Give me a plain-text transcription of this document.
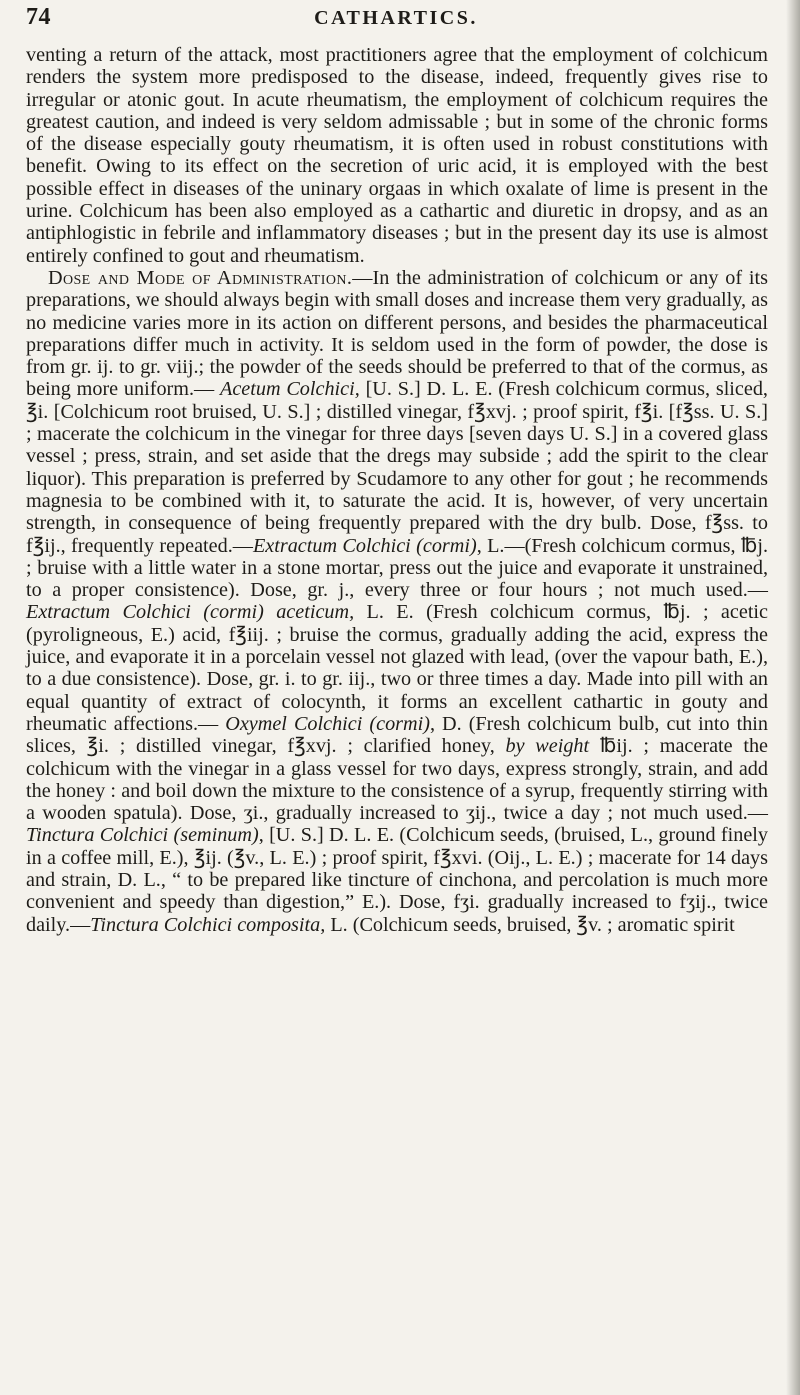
74	CATHARTICS.

venting a return of the attack, most practitioners agree that the employment of colchicum renders the system more predisposed to the disease, indeed, frequently gives rise to irregular or atonic gout. In acute rheumatism, the employment of colchicum requires the greatest caution, and indeed is very seldom admissable ; but in some of the chronic forms of the disease especially gouty rheumatism, it is often used in robust constitutions with benefit. Owing to its effect on the secretion of uric acid, it is employed with the best possible effect in diseases of the uninary orgaas in which oxalate of lime is present in the urine. Colchicum has been also employed as a cathartic and diuretic in dropsy, and as an antiphlogistic in febrile and inflammatory diseases ; but in the present day its use is almost entirely confined to gout and rheumatism.

Dose and Mode of Administration.—In the administration of colchicum or any of its preparations, we should always begin with small doses and increase them very gradually, as no medicine varies more in its action on different persons, and besides the pharmaceutical preparations differ much in activity. It is seldom used in the form of powder, the dose is from gr. ij. to gr. viij.; the powder of the seeds should be preferred to that of the cormus, as being more uniform.— Acetum Colchici, [U. S.] D. L. E. (Fresh colchicum cormus, sliced, ℥i. [Colchicum root bruised, U. S.] ; distilled vinegar, f℥xvj. ; proof spirit, f℥i. [f℥ss. U. S.] ; macerate the colchicum in the vinegar for three days [seven days U. S.] in a covered glass vessel ; press, strain, and set aside that the dregs may subside ; add the spirit to the clear liquor). This preparation is preferred by Scudamore to any other for gout ; he recommends magnesia to be combined with it, to saturate the acid. It is, however, of very uncertain strength, in consequence of being frequently prepared with the dry bulb. Dose, f℥ss. to f℥ij., frequently repeated.—Extractum Colchici (cormi), L.—(Fresh colchicum cormus, ℔j. ; bruise with a little water in a stone mortar, press out the juice and evaporate it unstrained, to a proper consistence). Dose, gr. j., every three or four hours ; not much used.—Extractum Colchici (cormi) aceticum, L. E. (Fresh colchicum cormus, ℔j. ; acetic (pyroligneous, E.) acid, f℥iij. ; bruise the cormus, gradually adding the acid, express the juice, and evaporate it in a porcelain vessel not glazed with lead, (over the vapour bath, E.), to a due consistence). Dose, gr. i. to gr. iij., two or three times a day. Made into pill with an equal quantity of extract of colocynth, it forms an excellent cathartic in gouty and rheumatic affections.— Oxymel Colchici (cormi), D. (Fresh colchicum bulb, cut into thin slices, ℥i. ; distilled vinegar, f℥xvj. ; clarified honey, by weight ℔ij. ; macerate the colchicum with the vinegar in a glass vessel for two days, express strongly, strain, and add the honey : and boil down the mixture to the consistence of a syrup, frequently stirring with a wooden spatula). Dose, ʒi., gradually increased to ʒij., twice a day ; not much used.—Tinctura Colchici (seminum), [U. S.] D. L. E. (Colchicum seeds, (bruised, L., ground finely in a coffee mill, E.), ℥ij. (℥v., L. E.) ; proof spirit, f℥xvi. (Oij., L. E.) ; macerate for 14 days and strain, D. L., “ to be prepared like tincture of cinchona, and percolation is much more convenient and speedy than digestion,” E.). Dose, fʒi. gradually increased to fʒij., twice daily.—Tinctura Colchici composita, L. (Colchicum seeds, bruised, ℥v. ; aromatic spirit
